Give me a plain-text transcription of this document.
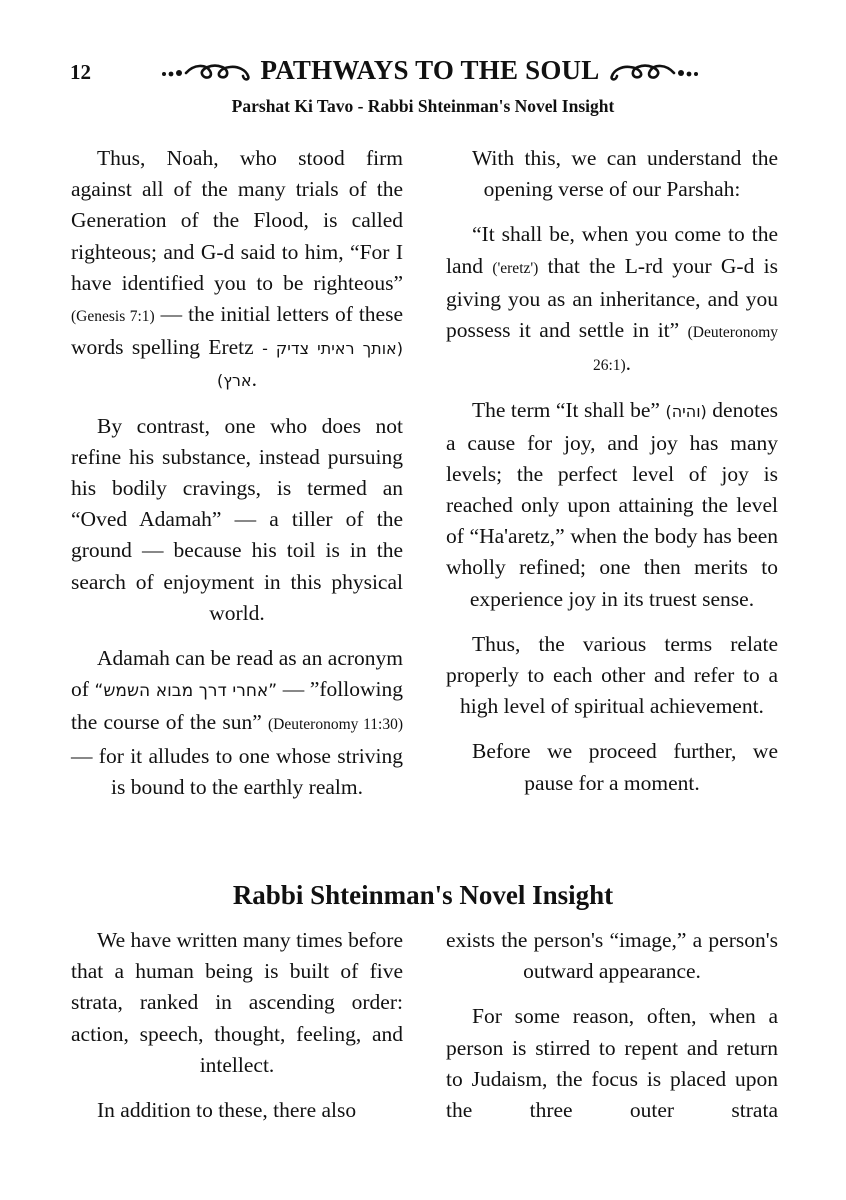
12	PATHWAYS TO THE SOUL
Parshat Ki Tavo - Rabbi Shteinman's Novel Insight

Thus, Noah, who stood firm against all of the many trials of the Generation of the Flood, is called righteous; and G-d said to him, “For I have identified you to be righteous” (Genesis 7:1) — the initial letters of these words spelling Eretz (אותך ראיתי צדיק - ארץ).

By contrast, one who does not refine his substance, instead pursuing his bodily cravings, is termed an “Oved Adamah” — a tiller of the ground — because his toil is in the search of enjoyment in this physical world.

Adamah can be read as an acronym of ”אחרי דרך מבוא השמש“ — ”following the course of the sun” (Deuteronomy 11:30) — for it alludes to one whose striving is bound to the earthly realm.

With this, we can understand the opening verse of our Parshah:

“It shall be, when you come to the land ('eretz') that the L-rd your G-d is giving you as an inheritance, and you possess it and settle in it” (Deuteronomy 26:1).

The term “It shall be” (והיה) denotes a cause for joy, and joy has many levels; the perfect level of joy is reached only upon attaining the level of “Ha'aretz,” when the body has been wholly refined; one then merits to experience joy in its truest sense.

Thus, the various terms relate properly to each other and refer to a high level of spiritual achievement.

Before we proceed further, we pause for a moment.

Rabbi Shteinman's Novel Insight

We have written many times before that a human being is built of five strata, ranked in ascending order: action, speech, thought, feeling, and intellect.

In addition to these, there also

exists the person's “image,” a person's outward appearance.

For some reason, often, when a person is stirred to repent and return to Judaism, the focus is placed upon the three outer strata
